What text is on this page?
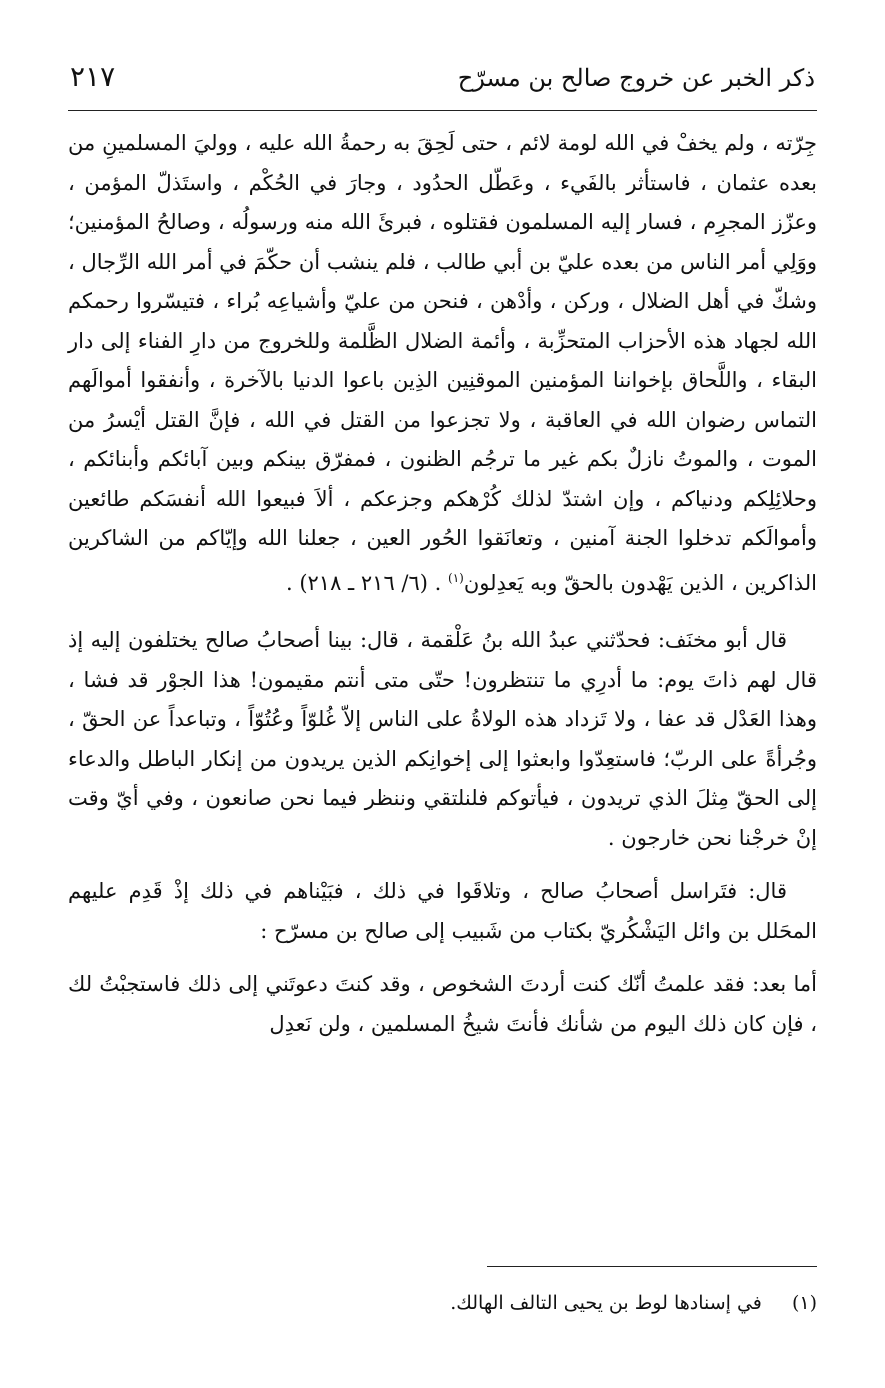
٢١٧	ذكر الخبر عن خروج صالح بن مسرّح

جِرّته ، ولم يخفْ في الله لومة لائم ، حتى لَحِقَ به رحمةُ الله عليه ، ووليَ المسلمينِ من بعده عثمان ، فاستأثر بالفَيء ، وعَطّل الحدُود ، وجارَ في الحُكْم ، واستَذلّ المؤمن ، وعزّز المجرِم ، فسار إليه المسلمون فقتلوه ، فبرئَ الله منه ورسولُه ، وصالحُ المؤمنين؛ ووَلِي أمر الناس من بعده عليّ بن أبي طالب ، فلم ينشب أن حكّمَ في أمر الله الرِّجال ، وشكّ في أهل الضلال ، وركن ، وأدْهن ، فنحن من عليّ وأشياعِه بُراء ، فتيسّروا رحمكم الله لجهاد هذه الأحزاب المتحزِّبة ، وأئمة الضلال الظَّلمة وللخروج من دارِ الفناء إلى دار البقاء ، واللَّحاق بإخواننا المؤمنين الموقنِين الذِين باعوا الدنيا بالآخرة ، وأنفقوا أموالَهم التماس رضوان الله في العاقبة ، ولا تجزعوا من القتل في الله ، فإنَّ القتل أيْسرُ من الموت ، والموتُ نازلٌ بكم غير ما ترجُم الظنون ، فمفرّق بينكم وبين آبائكم وأبنائكم ، وحلائِلِكم ودنياكم ، وإن اشتدّ لذلك كُرْهكم وجزعكم ، ألاَ فبيعوا الله أنفسَكم طائعين وأموالَكم تدخلوا الجنة آمنين ، وتعانَقوا الحُور العين ، جعلنا الله وإيّاكم من الشاكرين الذاكرين ، الذين يَهْدون بالحقّ وبه يَعدِلون$^{(١)}$ . (٦/ ٢١٦ ـ ٢١٨) .

قال أبو مخنَف: فحدّثني عبدُ الله بنُ عَلْقمة ، قال: بينا أصحابُ صالح يختلفون إليه إذ قال لهم ذاتَ يوم: ما أدرِي ما تنتظرون! حتّى متى أنتم مقيمون! هذا الجوْر قد فشا ، وهذا العَدْل قد عفا ، ولا تَزداد هذه الولاةُ على الناس إلاّ غُلوّاً وعُتُوّاً ، وتباعداً عن الحقّ ، وجُرأةً على الربّ؛ فاستعِدّوا وابعثوا إلى إخوانِكم الذين يريدون من إنكار الباطل والدعاء إلى الحقّ مِثلَ الذي تريدون ، فيأتوكم فلنلتقي وننظر فيما نحن صانعون ، وفي أيّ وقت إنْ خرجْنا نحن خارجون .

قال: فتَراسل أصحابُ صالح ، وتلاقَوا في ذلك ، فبَيْناهم في ذلك إذْ قَدِم عليهم المحَلل بن وائل اليَشْكُريّ بكتاب من شَبيب إلى صالح بن مسرّح :

أما بعد: فقد علمتُ أنّك كنت أردتَ الشخوص ، وقد كنتَ دعوتَني إلى ذلك فاستجبْتُ لك ، فإن كان ذلك اليوم من شأنك فأنتَ شيخُ المسلمين ، ولن نَعدِل

(١) في إسنادها لوط بن يحيى التالف الهالك.
